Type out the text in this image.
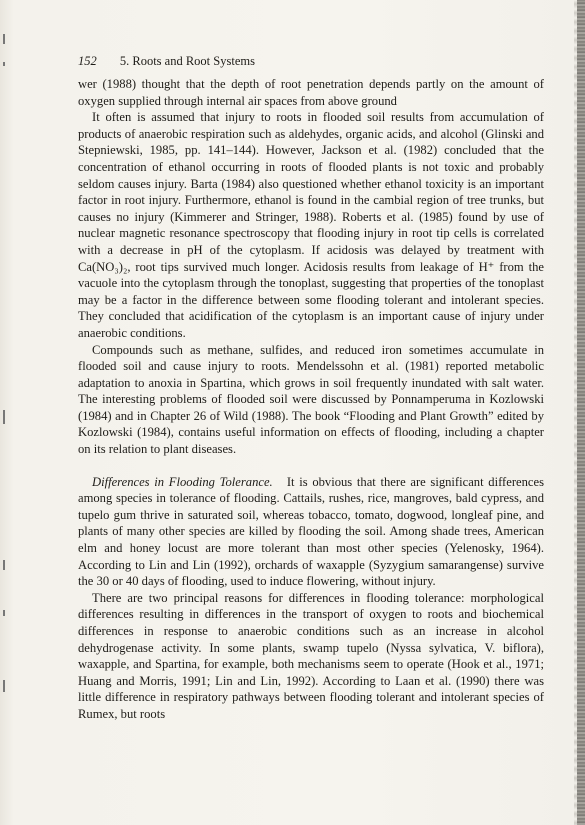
152 5. Roots and Root Systems

wer (1988) thought that the depth of root penetration depends partly on the amount of oxygen supplied through internal air spaces from above ground

It often is assumed that injury to roots in flooded soil results from accumulation of products of anaerobic respiration such as aldehydes, organic acids, and alcohol (Glinski and Stepniewski, 1985, pp. 141–144). However, Jackson et al. (1982) concluded that the concentration of ethanol occurring in roots of flooded plants is not toxic and probably seldom causes injury. Barta (1984) also questioned whether ethanol toxicity is an important factor in root injury. Furthermore, ethanol is found in the cambial region of tree trunks, but causes no injury (Kimmerer and Stringer, 1988). Roberts et al. (1985) found by use of nuclear magnetic resonance spectroscopy that flooding injury in root tip cells is correlated with a decrease in pH of the cytoplasm. If acidosis was delayed by treatment with Ca(NO₃)₂, root tips survived much longer. Acidosis results from leakage of H⁺ from the vacuole into the cytoplasm through the tonoplast, suggesting that properties of the tonoplast may be a factor in the difference between some flooding tolerant and intolerant species. They concluded that acidification of the cytoplasm is an important cause of injury under anaerobic conditions.

Compounds such as methane, sulfides, and reduced iron sometimes accumulate in flooded soil and cause injury to roots. Mendelssohn et al. (1981) reported metabolic adaptation to anoxia in Spartina, which grows in soil frequently inundated with salt water. The interesting problems of flooded soil were discussed by Ponnamperuma in Kozlowski (1984) and in Chapter 26 of Wild (1988). The book “Flooding and Plant Growth” edited by Kozlowski (1984), contains useful information on effects of flooding, including a chapter on its relation to plant diseases.

Differences in Flooding Tolerance. It is obvious that there are significant differences among species in tolerance of flooding. Cattails, rushes, rice, mangroves, bald cypress, and tupelo gum thrive in saturated soil, whereas tobacco, tomato, dogwood, longleaf pine, and plants of many other species are killed by flooding the soil. Among shade trees, American elm and honey locust are more tolerant than most other species (Yelenosky, 1964). According to Lin and Lin (1992), orchards of waxapple (Syzygium samarangense) survive the 30 or 40 days of flooding, used to induce flowering, without injury.

There are two principal reasons for differences in flooding tolerance: morphological differences resulting in differences in the transport of oxygen to roots and biochemical differences in response to anaerobic conditions such as an increase in alcohol dehydrogenase activity. In some plants, swamp tupelo (Nyssa sylvatica, V. biflora), waxapple, and Spartina, for example, both mechanisms seem to operate (Hook et al., 1971; Huang and Morris, 1991; Lin and Lin, 1992). According to Laan et al. (1990) there was little difference in respiratory pathways between flooding tolerant and intolerant species of Rumex, but roots
